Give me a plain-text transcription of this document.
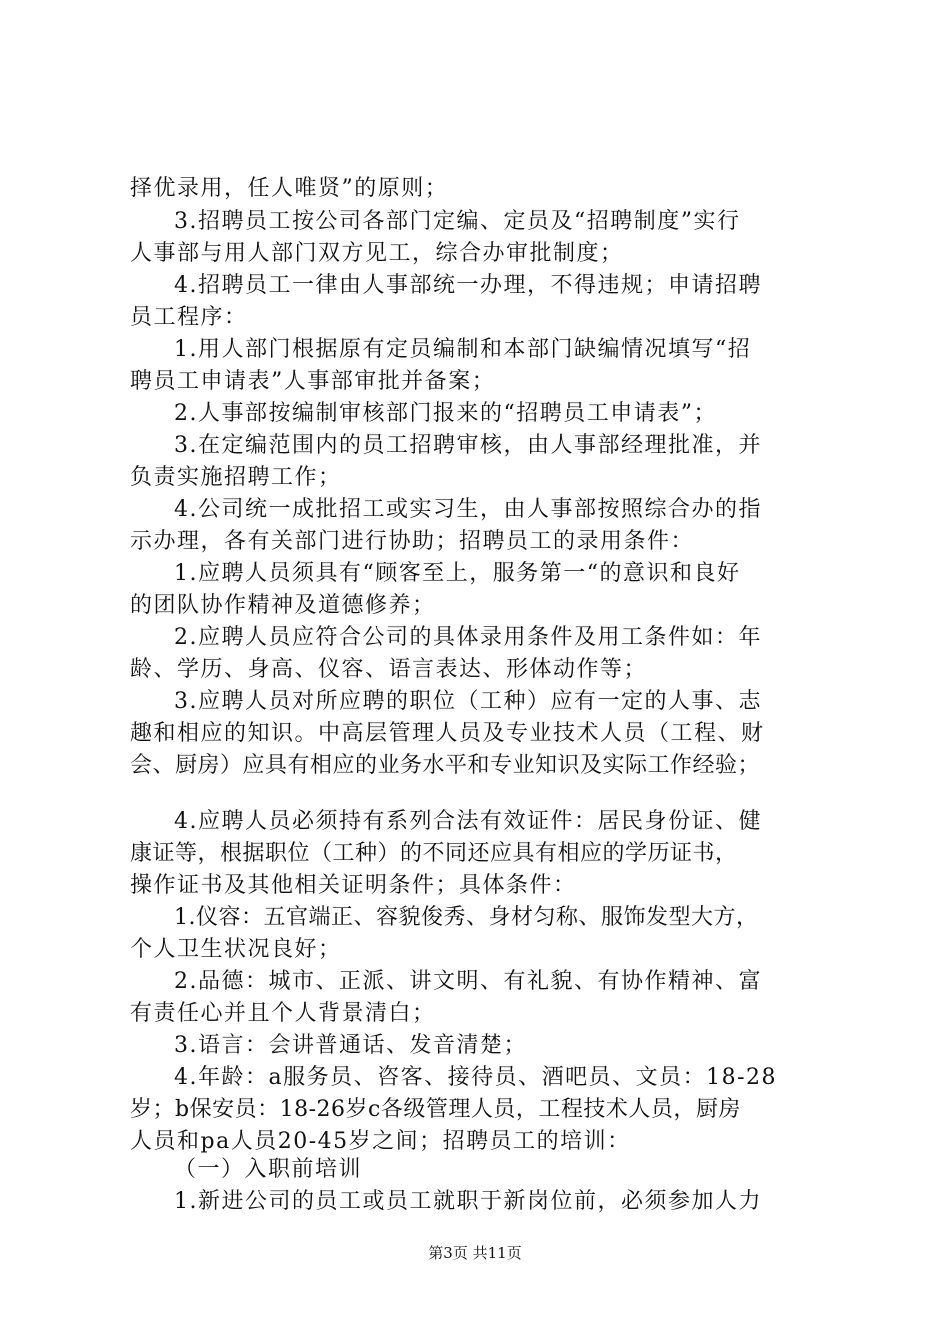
择优录用，任人唯贤”的原则；
3.招聘员工按公司各部门定编、定员及“招聘制度”实行
人事部与用人部门双方见工，综合办审批制度；
4.招聘员工一律由人事部统一办理，不得违规；申请招聘
员工程序：
1.用人部门根据原有定员编制和本部门缺编情况填写“招
聘员工申请表”人事部审批并备案；
2.人事部按编制审核部门报来的“招聘员工申请表”；
3.在定编范围内的员工招聘审核，由人事部经理批准，并
负责实施招聘工作；
4.公司统一成批招工或实习生，由人事部按照综合办的指
示办理，各有关部门进行协助；招聘员工的录用条件：
1.应聘人员须具有“顾客至上，服务第一“的意识和良好
的团队协作精神及道德修养；
2.应聘人员应符合公司的具体录用条件及用工条件如：年
龄、学历、身高、仪容、语言表达、形体动作等；
3.应聘人员对所应聘的职位（工种）应有一定的人事、志
趣和相应的知识。中高层管理人员及专业技术人员（工程、财
会、厨房）应具有相应的业务水平和专业知识及实际工作经验；
4.应聘人员必须持有系列合法有效证件：居民身份证、健
康证等，根据职位（工种）的不同还应具有相应的学历证书，
操作证书及其他相关证明条件；具体条件：
1.仪容：五官端正、容貌俊秀、身材匀称、服饰发型大方，
个人卫生状况良好；
2.品德：城市、正派、讲文明、有礼貌、有协作精神、富
有责任心并且个人背景清白；
3.语言：会讲普通话、发音清楚；
4.年龄：a服务员、咨客、接待员、酒吧员、文员：18-28
岁；b保安员：18-26岁c各级管理人员，工程技术人员，厨房
人员和pa人员20-45岁之间；招聘员工的培训：
（一）入职前培训
1.新进公司的员工或员工就职于新岗位前，必须参加人力
第3页 共11页
